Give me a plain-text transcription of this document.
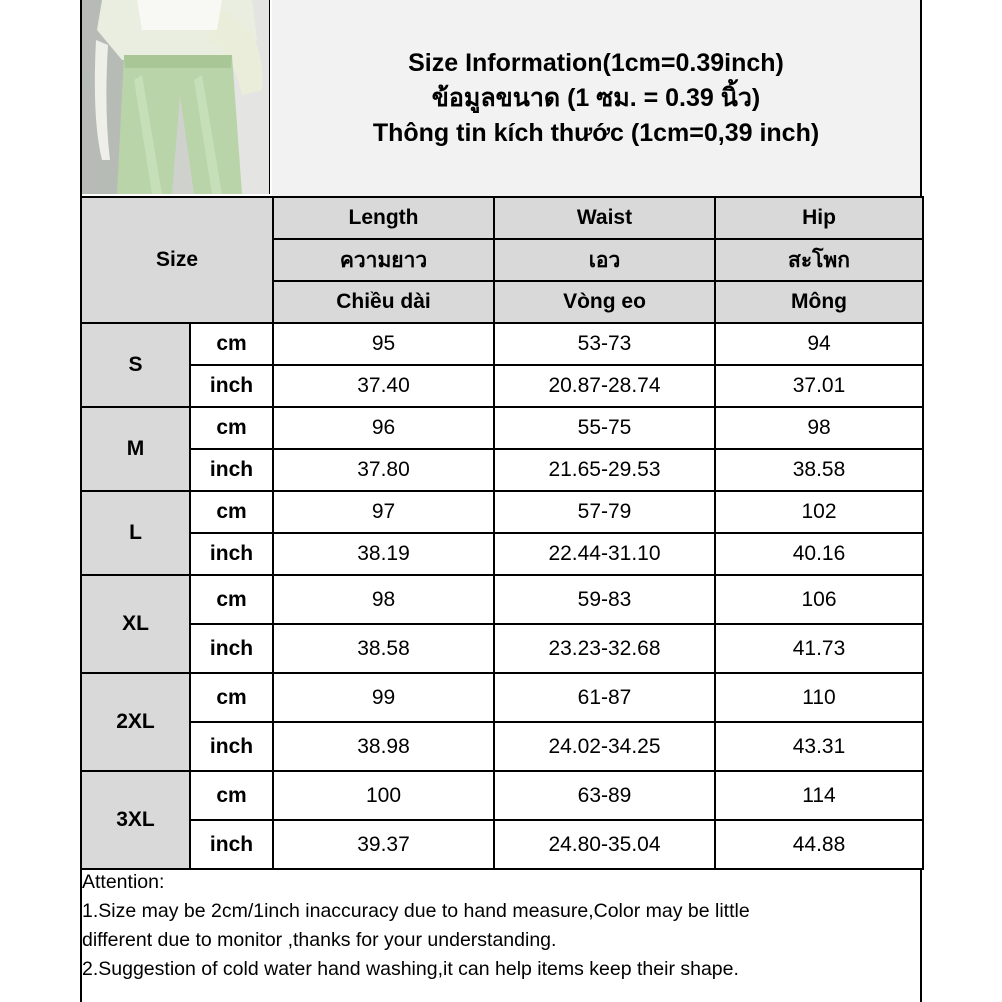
Size Information(1cm=0.39inch)
ข้อมูลขนาด (1 ซม. = 0.39 นิ้ว)
Thông tin kích thước (1cm=0,39 inch)
Size		Length	Waist	Hip
		ความยาว	เอว	สะโพก
		Chiều dài	Vòng eo	Mông
S	cm	95	53-73	94
	inch	37.40	20.87-28.74	37.01
M	cm	96	55-75	98
	inch	37.80	21.65-29.53	38.58
L	cm	97	57-79	102
	inch	38.19	22.44-31.10	40.16
XL	cm	98	59-83	106
	inch	38.58	23.23-32.68	41.73
2XL	cm	99	61-87	110
	inch	38.98	24.02-34.25	43.31
3XL	cm	100	63-89	114
	inch	39.37	24.80-35.04	44.88

Attention:

1.Size may be 2cm/1inch inaccuracy due to hand measure,Color may be little

different due to monitor ,thanks for your understanding.

2.Suggestion of cold water hand washing,it can help items keep their shape.
